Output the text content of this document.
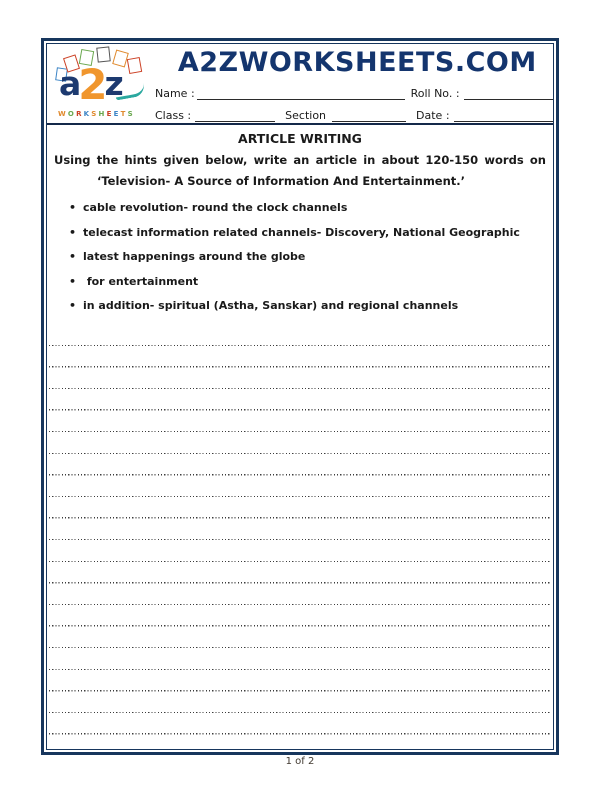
a2z
WORKSHEETS
A2ZWORKSHEETS.COM
Name :	Roll No. :
Class :	Section	Date :
ARTICLE WRITING
Using the hints given below, write an article in about 120-150 words on
‘Television- A Source of Information And Entertainment.’
• cable revolution- round the clock channels
• telecast information related channels- Discovery, National Geographic
• latest happenings around the globe
• for entertainment
• in addition- spiritual (Astha, Sanskar) and regional channels
1 of 2
